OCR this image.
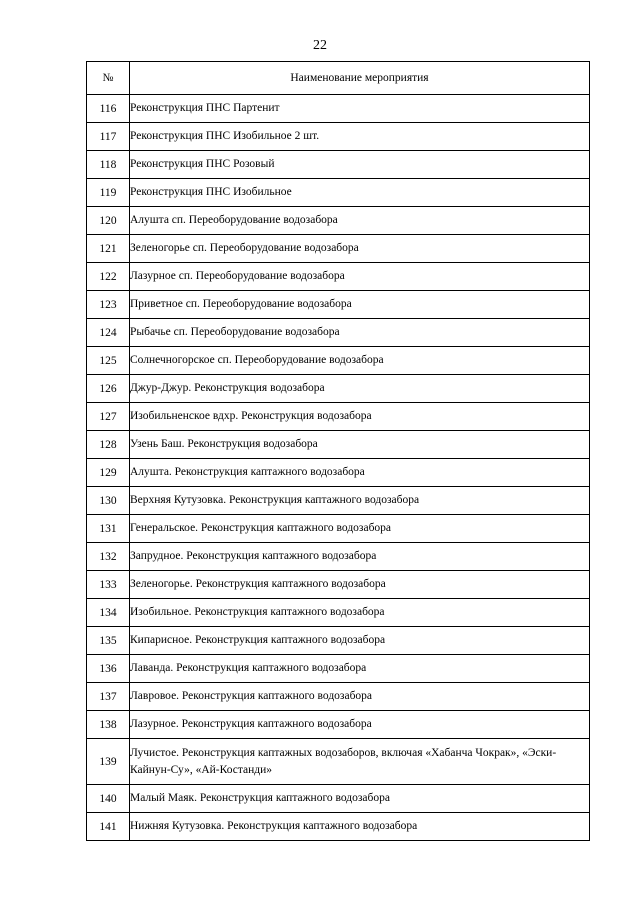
22
№	Наименование мероприятия
116	Реконструкция ПНС Партенит
117	Реконструкция ПНС Изобильное 2 шт.
118	Реконструкция ПНС Розовый
119	Реконструкция ПНС Изобильное
120	Алушта сп. Переоборудование водозабора
121	Зеленогорье сп. Переоборудование водозабора
122	Лазурное сп. Переоборудование водозабора
123	Приветное сп. Переоборудование водозабора
124	Рыбачье сп. Переоборудование водозабора
125	Солнечногорское сп. Переоборудование водозабора
126	Джур-Джур. Реконструкция водозабора
127	Изобильненское вдхр. Реконструкция водозабора
128	Узень Баш. Реконструкция водозабора
129	Алушта. Реконструкция каптажного водозабора
130	Верхняя Кутузовка. Реконструкция каптажного водозабора
131	Генеральское. Реконструкция каптажного водозабора
132	Запрудное. Реконструкция каптажного водозабора
133	Зеленогорье. Реконструкция каптажного водозабора
134	Изобильное. Реконструкция каптажного водозабора
135	Кипарисное. Реконструкция каптажного водозабора
136	Лаванда. Реконструкция каптажного водозабора
137	Лавровое. Реконструкция каптажного водозабора
138	Лазурное. Реконструкция каптажного водозабора
139	Лучистое. Реконструкция каптажных водозаборов, включая «Хабанча Чокрак», «Эски-Кайнун-Су», «Ай-Костанди»
140	Малый Маяк. Реконструкция каптажного водозабора
141	Нижняя Кутузовка. Реконструкция каптажного водозабора
